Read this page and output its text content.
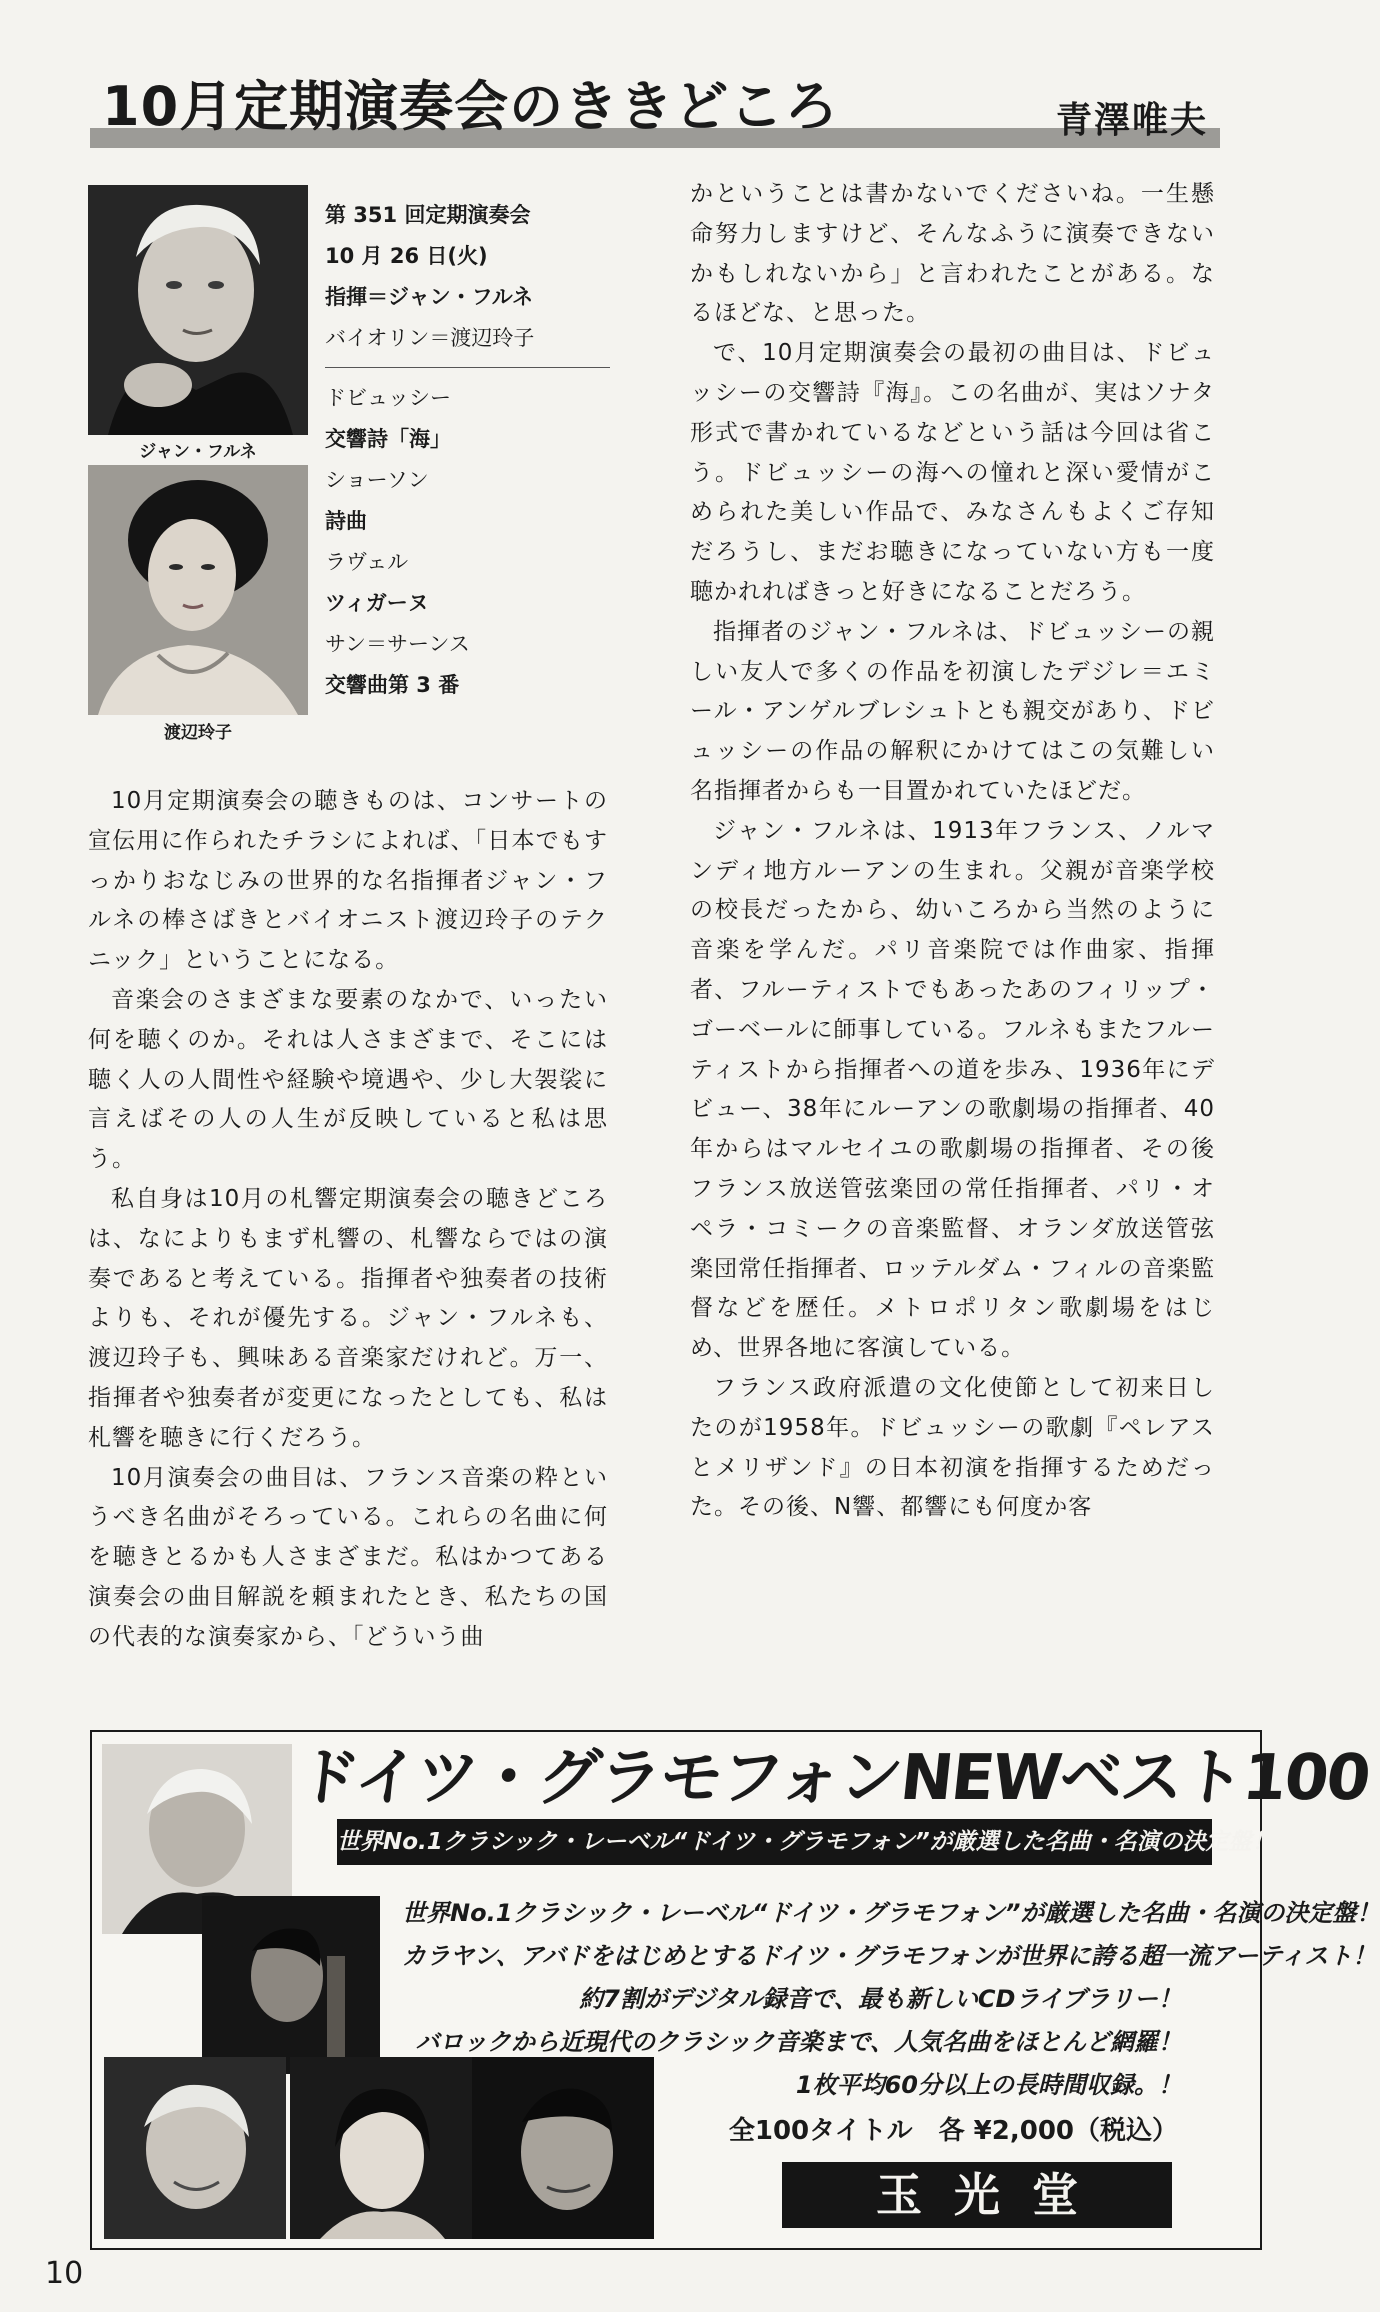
10月定期演奏会のききどころ	青澤唯夫
ジャン・フルネ
渡辺玲子
第 351 回定期演奏会
10 月 26 日(火)
指揮＝ジャン・フルネ
バイオリン＝渡辺玲子
ドビュッシー
交響詩「海」
ショーソン
詩曲
ラヴェル
ツィガーヌ
サン＝サーンス
交響曲第 3 番

10月定期演奏会の聴きものは、コンサートの宣伝用に作られたチラシによれば、「日本でもすっかりおなじみの世界的な名指揮者ジャン・フルネの棒さばきとバイオニスト渡辺玲子のテクニック」ということになる。

音楽会のさまざまな要素のなかで、いったい何を聴くのか。それは人さまざまで、そこには聴く人の人間性や経験や境遇や、少し大袈裟に言えばその人の人生が反映していると私は思う。

私自身は10月の札響定期演奏会の聴きどころは、なによりもまず札響の、札響ならではの演奏であると考えている。指揮者や独奏者の技術よりも、それが優先する。ジャン・フルネも、渡辺玲子も、興味ある音楽家だけれど。万一、指揮者や独奏者が変更になったとしても、私は札響を聴きに行くだろう。

10月演奏会の曲目は、フランス音楽の粋というべき名曲がそろっている。これらの名曲に何を聴きとるかも人さまざまだ。私はかつてある演奏会の曲目解説を頼まれたとき、私たちの国の代表的な演奏家から、「どういう曲

かということは書かないでくださいね。一生懸命努力しますけど、そんなふうに演奏できないかもしれないから」と言われたことがある。なるほどな、と思った。

で、10月定期演奏会の最初の曲目は、ドビュッシーの交響詩『海』。この名曲が、実はソナタ形式で書かれているなどという話は今回は省こう。ドビュッシーの海への憧れと深い愛情がこめられた美しい作品で、みなさんもよくご存知だろうし、まだお聴きになっていない方も一度聴かれればきっと好きになることだろう。

指揮者のジャン・フルネは、ドビュッシーの親しい友人で多くの作品を初演したデジレ＝エミール・アンゲルブレシュトとも親交があり、ドビュッシーの作品の解釈にかけてはこの気難しい名指揮者からも一目置かれていたほどだ。

ジャン・フルネは、1913年フランス、ノルマンディ地方ルーアンの生まれ。父親が音楽学校の校長だったから、幼いころから当然のように音楽を学んだ。パリ音楽院では作曲家、指揮者、フルーティストでもあったあのフィリップ・ゴーベールに師事している。フルネもまたフルーティストから指揮者への道を歩み、1936年にデビュー、38年にルーアンの歌劇場の指揮者、40年からはマルセイユの歌劇場の指揮者、その後フランス放送管弦楽団の常任指揮者、パリ・オペラ・コミークの音楽監督、オランダ放送管弦楽団常任指揮者、ロッテルダム・フィルの音楽監督などを歴任。メトロポリタン歌劇場をはじめ、世界各地に客演している。

フランス政府派遣の文化使節として初来日したのが1958年。ドビュッシーの歌劇『ペレアスとメリザンド』の日本初演を指揮するためだった。その後、N響、都響にも何度か客

ドイツ・グラモフォンNEWベスト100
世界No.1クラシック・レーベル“ドイツ・グラモフォン”が厳選した名曲・名演の決定盤！
世界No.1クラシック・レーベル“ドイツ・グラモフォン”が厳選した名曲・名演の決定盤！
カラヤン、アバドをはじめとするドイツ・グラモフォンが世界に誇る超一流アーティスト！
約7割がデジタル録音で、最も新しいCDライブラリー！
バロックから近現代のクラシック音楽まで、人気名曲をほとんど網羅！
1枚平均60分以上の長時間収録。！
全100タイトル　各 ¥2,000（税込）
玉光堂
10
